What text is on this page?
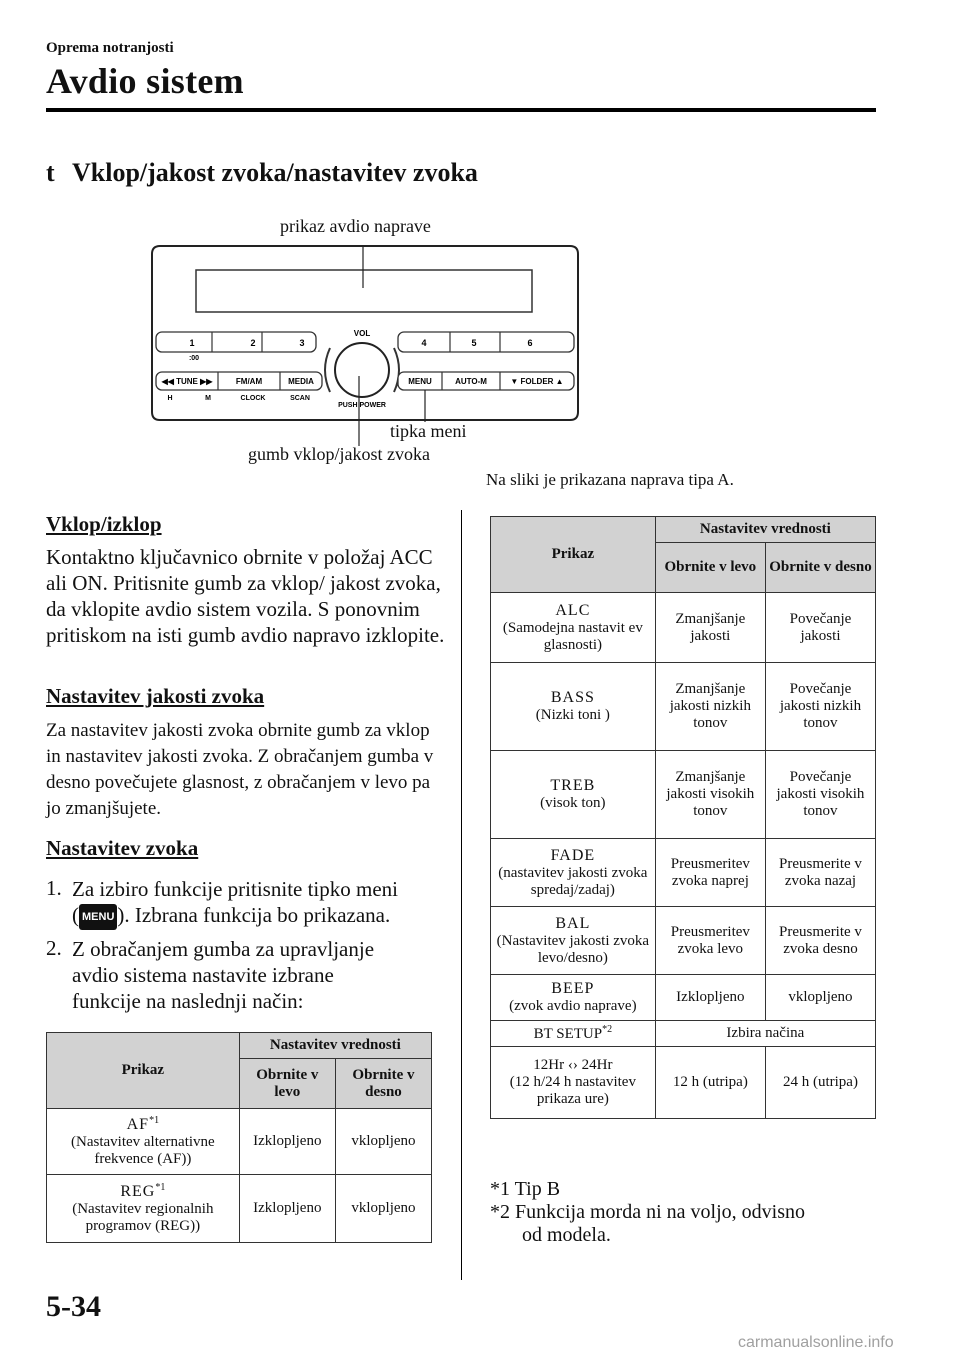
Oprema notranjosti
Avdio sistem
t Vklop/jakost zvoka/nastavitev zvoka
prikaz avdio naprave
tipka meni
gumb vklop/jakost zvoka
Na sliki je prikazana naprava tipa A.
1	2	3	4	5	6
:00
VOL
◀◀ TUNE ▶▶	FM/AM	MEDIA	MENU	AUTO-M	▼ FOLDER ▲
H	M	CLOCK	SCAN
PUSH POWER
Vklop/izklop
Kontaktno ključavnico obrnite v položaj ACC ali ON. Pritisnite gumb za vklop/ jakost zvoka, da vklopite avdio sistem vozila. S ponovnim pritiskom na isti gumb avdio napravo izklopite.
Nastavitev jakosti zvoka
Za nastavitev jakosti zvoka obrnite gumb za vklop in nastavitev jakosti zvoka. Z obračanjem gumba v desno povečujete glasnost, z obračanjem v levo pa jo zmanjšujete.
Nastavitev zvoka
1. Za izbiro funkcije pritisnite tipko meni
( MENU ). Izbrana funkcija bo prikazana.
2. Z obračanjem gumba za upravljanje avdio sistema nastavite izbrane funkcije na naslednji način:
Prikaz	Nastavitev vrednosti	
	Obrnite v levo	Obrnite v desno
AF$^{*1}$
(Nastavitev alternativne frekvence (AF))	Izklopljeno	vklopljeno
REG$^{*1}$
(Nastavitev regionalnih programov (REG))	Izklopljeno	vklopljeno
Prikaz	Nastavitev vrednosti	
	Obrnite v levo	Obrnite v desno
ALC
(Samodejna nastavit ev glasnosti)	Zmanjšanje jakosti	Povečanje jakosti
BASS
(Nizki toni )	Zmanjšanje jakosti nizkih tonov	Povečanje jakosti nizkih tonov
TREB
(visok ton)	Zmanjšanje jakosti visokih tonov	Povečanje jakosti visokih tonov
FADE
(nastavitev jakosti zvoka spredaj/zadaj)	Preusmeritev zvoka naprej	Preusmerite v zvoka nazaj
BAL
(Nastavitev jakosti zvoka levo/desno)	Preusmeritev zvoka levo	Preusmerite v zvoka desno
BEEP
(zvok avdio naprave)	Izklopljeno	vklopljeno
BT SETUP$^{*2}$	Izbira načina	
12Hr ‹› 24Hr
(12 h/24 h nastavitev prikaza ure)	12 h (utripa)	24 h (utripa)
*1 Tip B
*2 Funkcija morda ni na voljo, odvisno
od modela.
5-34
carmanualsonline.info
